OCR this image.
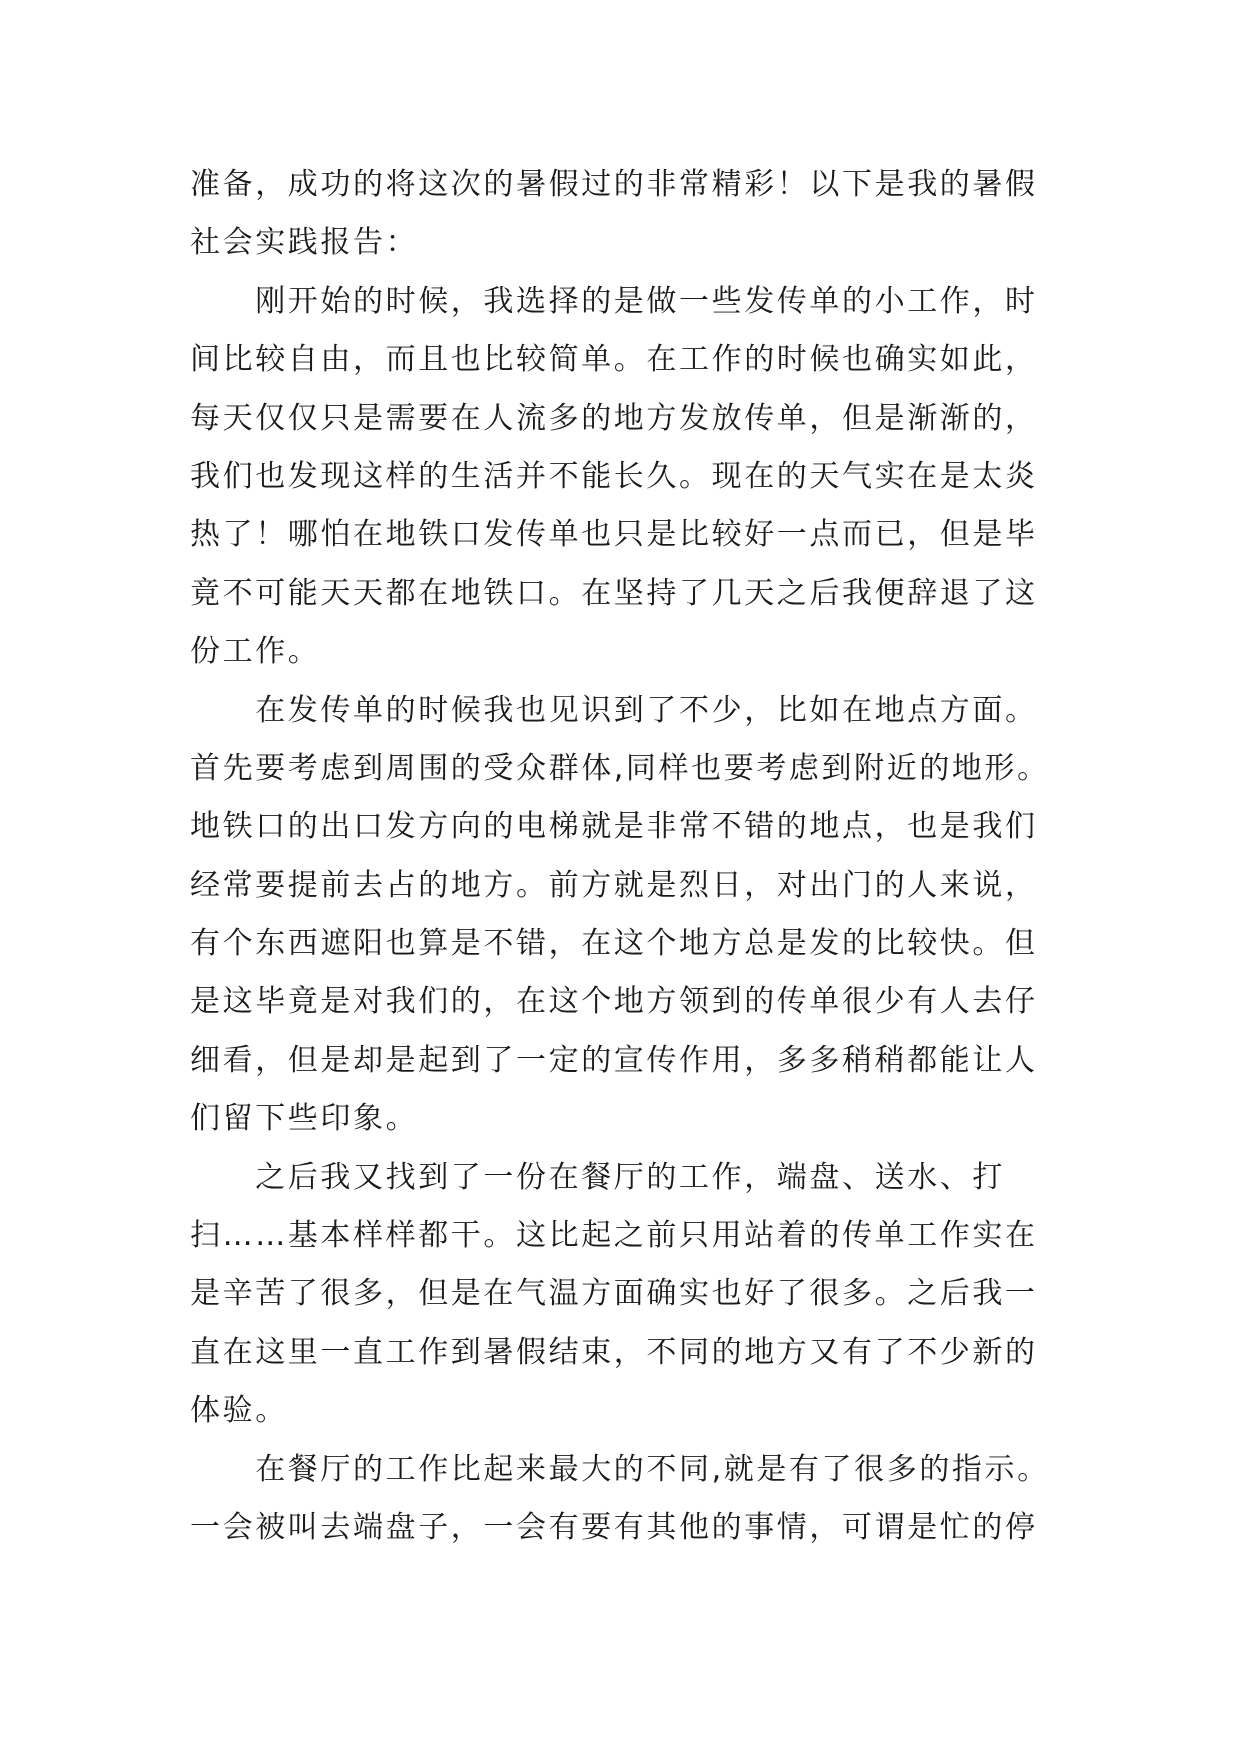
准备，成功的将这次的暑假过的非常精彩！以下是我的暑假
社会实践报告：
　　刚开始的时候，我选择的是做一些发传单的小工作，时
间比较自由，而且也比较简单。在工作的时候也确实如此，
每天仅仅只是需要在人流多的地方发放传单，但是渐渐的，
我们也发现这样的生活并不能长久。现在的天气实在是太炎
热了！哪怕在地铁口发传单也只是比较好一点而已，但是毕
竟不可能天天都在地铁口。在坚持了几天之后我便辞退了这
份工作。
　　在发传单的时候我也见识到了不少，比如在地点方面。
首先要考虑到周围的受众群体,同样也要考虑到附近的地形。
地铁口的出口发方向的电梯就是非常不错的地点，也是我们
经常要提前去占的地方。前方就是烈日，对出门的人来说，
有个东西遮阳也算是不错，在这个地方总是发的比较快。但
是这毕竟是对我们的，在这个地方领到的传单很少有人去仔
细看，但是却是起到了一定的宣传作用，多多稍稍都能让人
们留下些印象。
　　之后我又找到了一份在餐厅的工作，端盘、送水、打
扫……基本样样都干。这比起之前只用站着的传单工作实在
是辛苦了很多，但是在气温方面确实也好了很多。之后我一
直在这里一直工作到暑假结束，不同的地方又有了不少新的
体验。
　　在餐厅的工作比起来最大的不同,就是有了很多的指示。
一会被叫去端盘子，一会有要有其他的事情，可谓是忙的停
